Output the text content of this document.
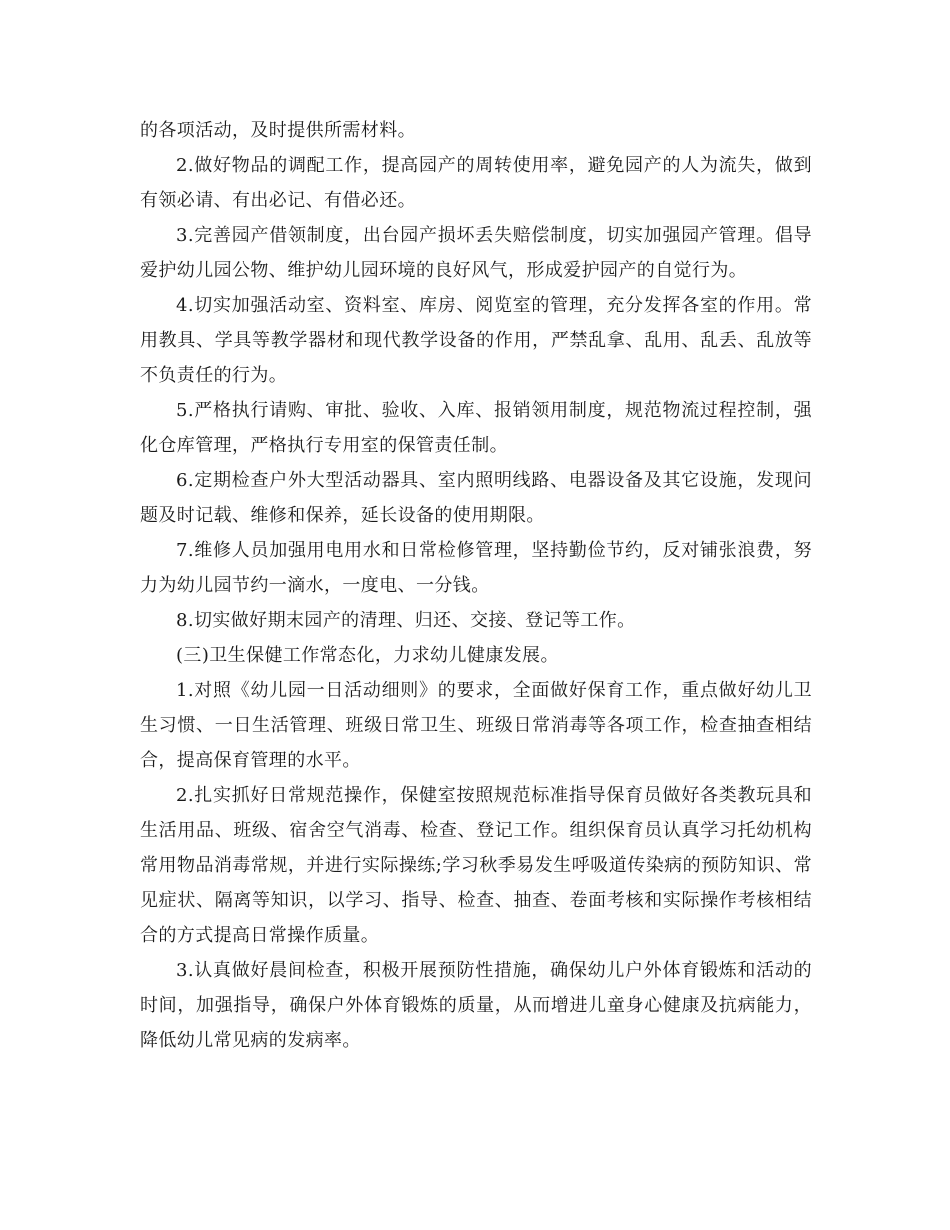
的各项活动，及时提供所需材料。

2.做好物品的调配工作，提高园产的周转使用率，避免园产的人为流失，做到有领必请、有出必记、有借必还。

3.完善园产借领制度，出台园产损坏丢失赔偿制度，切实加强园产管理。倡导爱护幼儿园公物、维护幼儿园环境的良好风气，形成爱护园产的自觉行为。

4.切实加强活动室、资料室、库房、阅览室的管理，充分发挥各室的作用。常用教具、学具等教学器材和现代教学设备的作用，严禁乱拿、乱用、乱丢、乱放等不负责任的行为。

5.严格执行请购、审批、验收、入库、报销领用制度，规范物流过程控制，强化仓库管理，严格执行专用室的保管责任制。

6.定期检查户外大型活动器具、室内照明线路、电器设备及其它设施，发现问题及时记载、维修和保养，延长设备的使用期限。

7.维修人员加强用电用水和日常检修管理，坚持勤俭节约，反对铺张浪费，努力为幼儿园节约一滴水，一度电、一分钱。

8.切实做好期末园产的清理、归还、交接、登记等工作。

(三)卫生保健工作常态化，力求幼儿健康发展。

1.对照《幼儿园一日活动细则》的要求，全面做好保育工作，重点做好幼儿卫生习惯、一日生活管理、班级日常卫生、班级日常消毒等各项工作，检查抽查相结合，提高保育管理的水平。

2.扎实抓好日常规范操作，保健室按照规范标准指导保育员做好各类教玩具和生活用品、班级、宿舍空气消毒、检查、登记工作。组织保育员认真学习托幼机构常用物品消毒常规，并进行实际操练;学习秋季易发生呼吸道传染病的预防知识、常见症状、隔离等知识，以学习、指导、检查、抽查、卷面考核和实际操作考核相结合的方式提高日常操作质量。

3.认真做好晨间检查，积极开展预防性措施，确保幼儿户外体育锻炼和活动的时间，加强指导，确保户外体育锻炼的质量，从而增进儿童身心健康及抗病能力，降低幼儿常见病的发病率。
